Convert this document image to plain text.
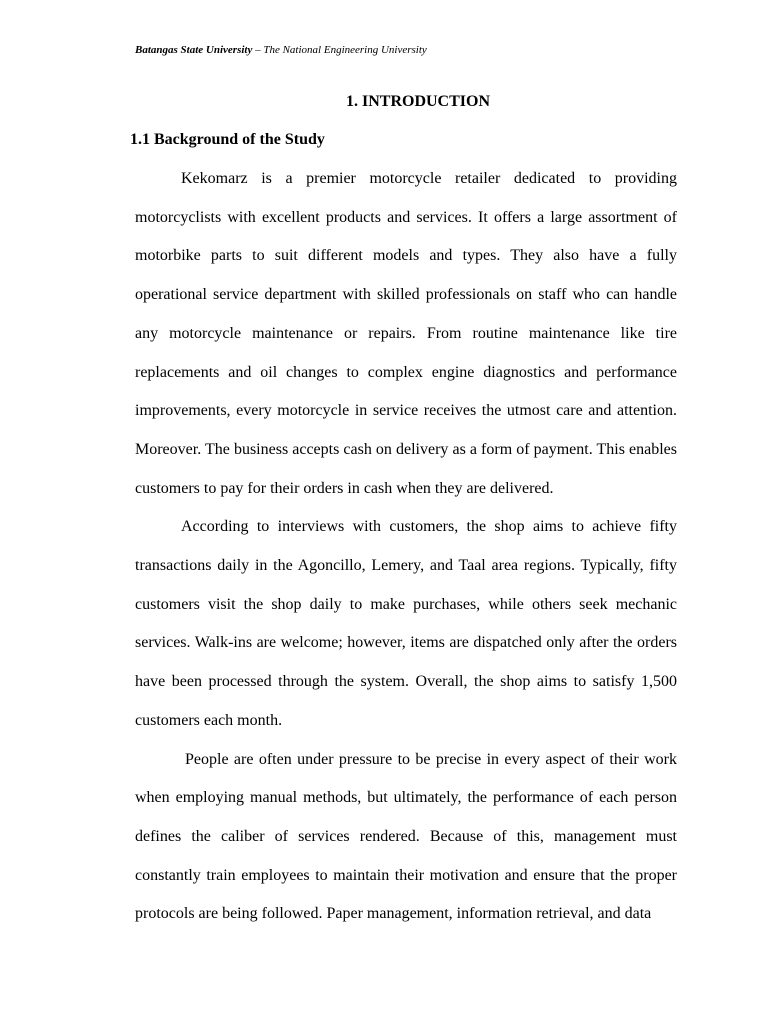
Batangas State University – The National Engineering University
1. INTRODUCTION
1.1 Background of the Study

Kekomarz is a premier motorcycle retailer dedicated to providing motorcyclists with excellent products and services. It offers a large assortment of motorbike parts to suit different models and types. They also have a fully operational service department with skilled professionals on staff who can handle any motorcycle maintenance or repairs. From routine maintenance like tire replacements and oil changes to complex engine diagnostics and performance improvements, every motorcycle in service receives the utmost care and attention. Moreover. The business accepts cash on delivery as a form of payment. This enables customers to pay for their orders in cash when they are delivered.

According to interviews with customers, the shop aims to achieve fifty transactions daily in the Agoncillo, Lemery, and Taal area regions. Typically, fifty customers visit the shop daily to make purchases, while others seek mechanic services. Walk-ins are welcome; however, items are dispatched only after the orders have been processed through the system. Overall, the shop aims to satisfy 1,500 customers each month.

People are often under pressure to be precise in every aspect of their work when employing manual methods, but ultimately, the performance of each person defines the caliber of services rendered. Because of this, management must constantly train employees to maintain their motivation and ensure that the proper protocols are being followed. Paper management, information retrieval, and data
